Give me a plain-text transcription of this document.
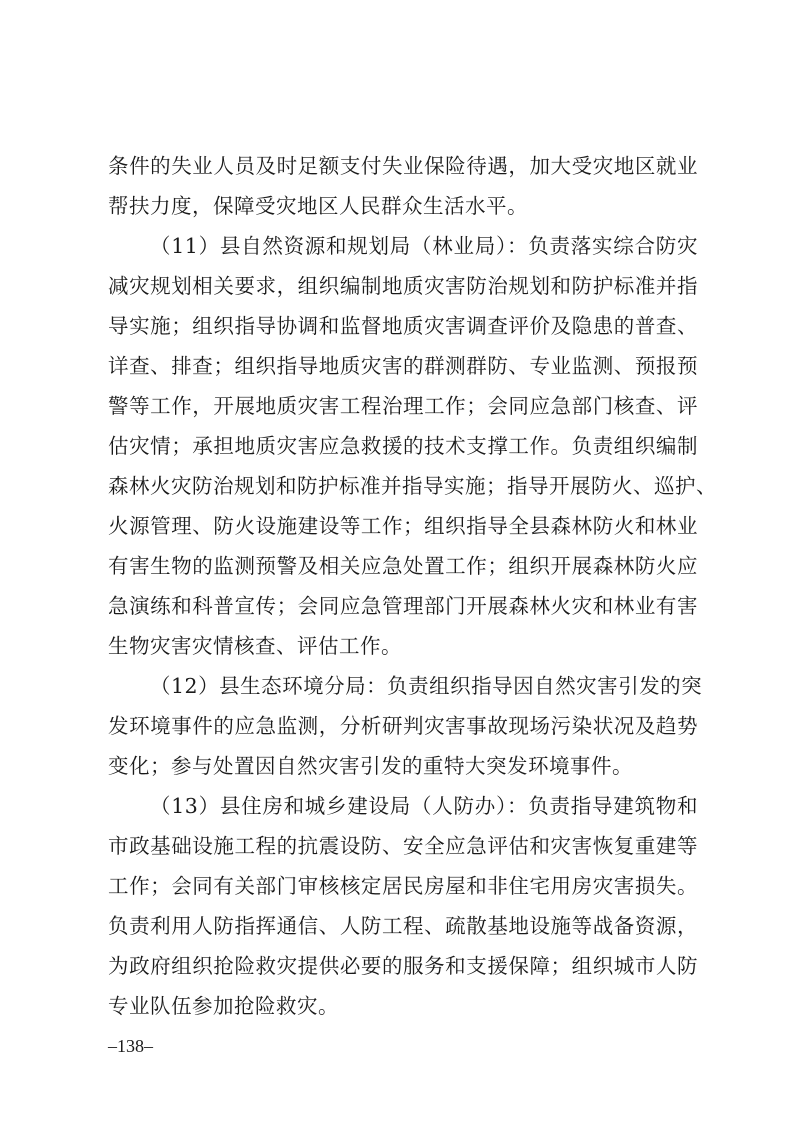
条件的失业人员及时足额支付失业保险待遇，加大受灾地区就业
帮扶力度，保障受灾地区人民群众生活水平。
（11）县自然资源和规划局（林业局）：负责落实综合防灾
减灾规划相关要求，组织编制地质灾害防治规划和防护标准并指
导实施；组织指导协调和监督地质灾害调查评价及隐患的普查、
详查、排查；组织指导地质灾害的群测群防、专业监测、预报预
警等工作，开展地质灾害工程治理工作；会同应急部门核查、评
估灾情；承担地质灾害应急救援的技术支撑工作。负责组织编制
森林火灾防治规划和防护标准并指导实施；指导开展防火、巡护、
火源管理、防火设施建设等工作；组织指导全县森林防火和林业
有害生物的监测预警及相关应急处置工作；组织开展森林防火应
急演练和科普宣传；会同应急管理部门开展森林火灾和林业有害
生物灾害灾情核查、评估工作。
（12）县生态环境分局：负责组织指导因自然灾害引发的突
发环境事件的应急监测，分析研判灾害事故现场污染状况及趋势
变化；参与处置因自然灾害引发的重特大突发环境事件。
（13）县住房和城乡建设局（人防办）：负责指导建筑物和
市政基础设施工程的抗震设防、安全应急评估和灾害恢复重建等
工作；会同有关部门审核核定居民房屋和非住宅用房灾害损失。
负责利用人防指挥通信、人防工程、疏散基地设施等战备资源，
为政府组织抢险救灾提供必要的服务和支援保障；组织城市人防
专业队伍参加抢险救灾。
–138–
